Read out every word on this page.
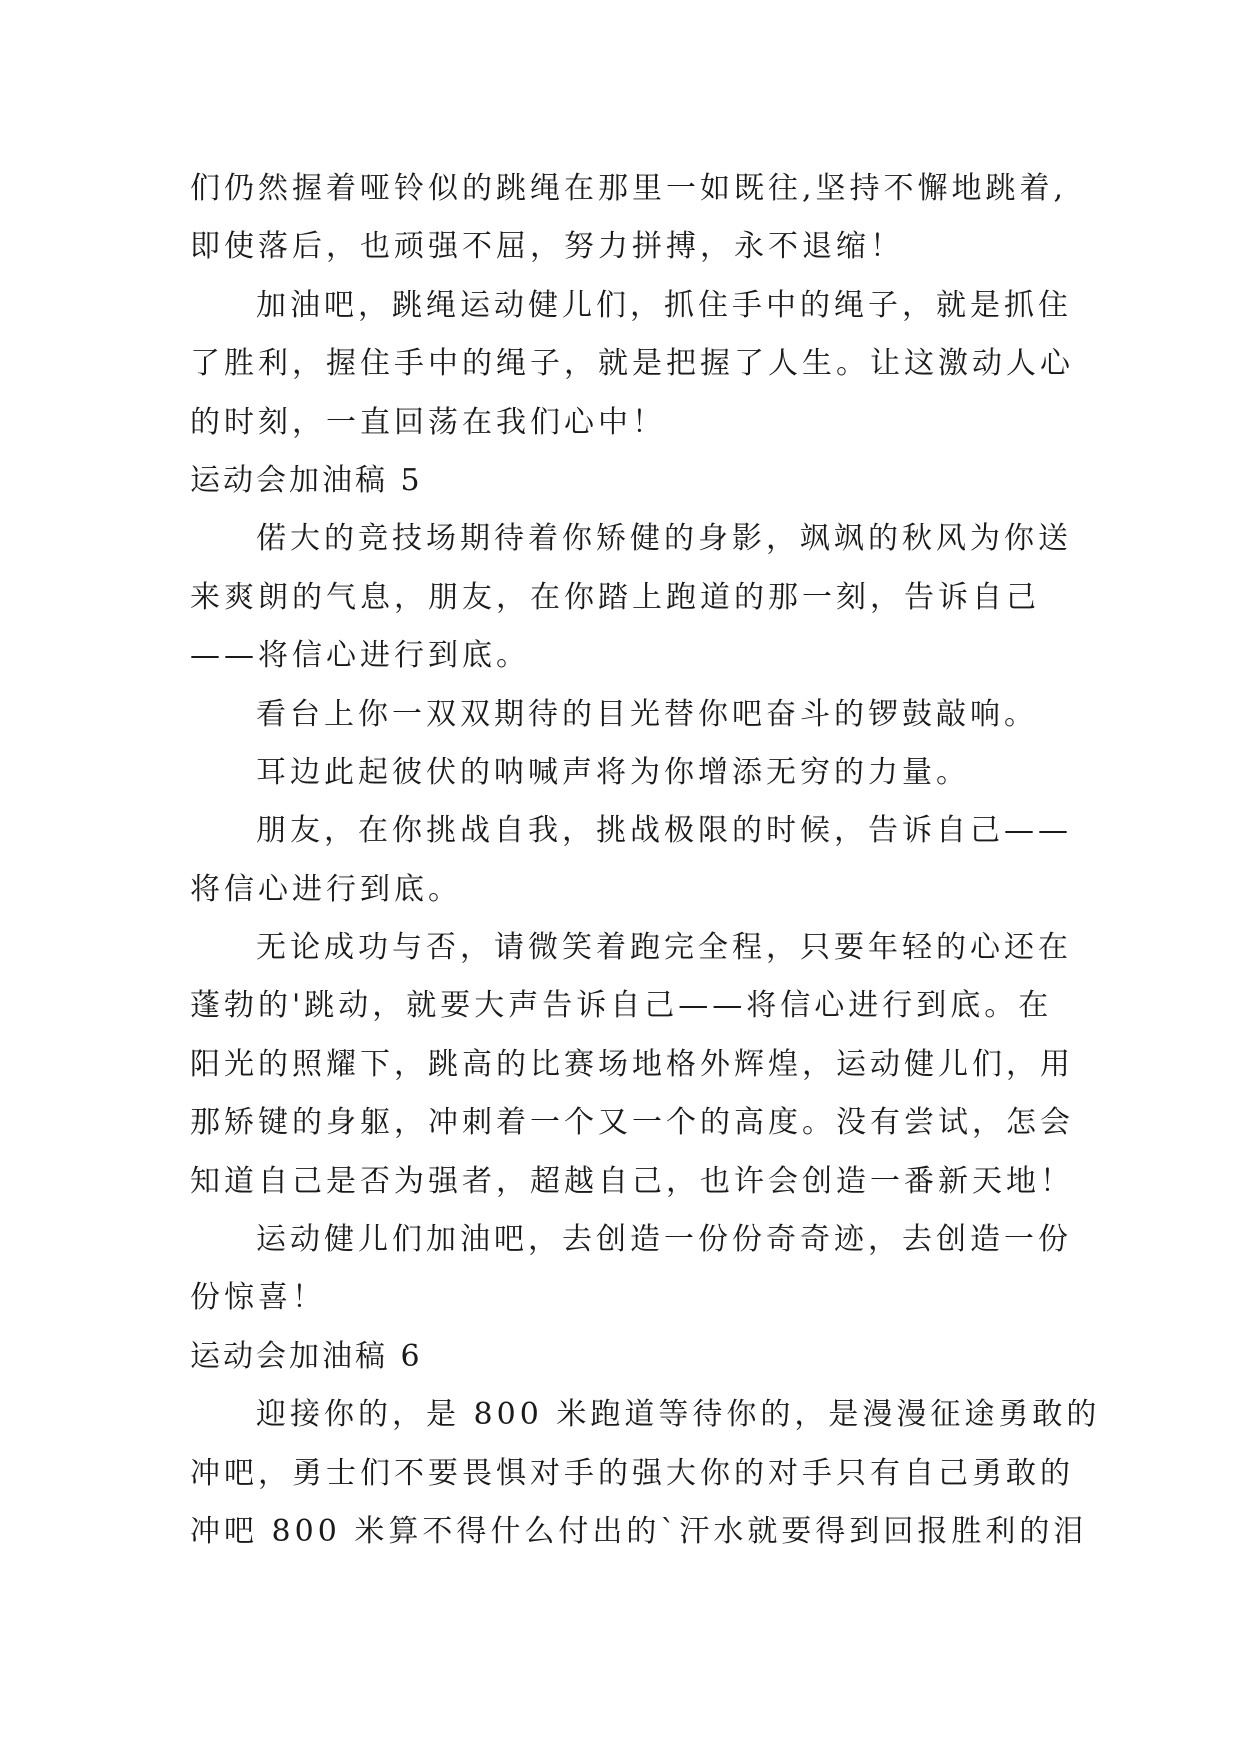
们仍然握着哑铃似的跳绳在那里一如既往,坚持不懈地跳着,
即使落后，也顽强不屈，努力拼搏，永不退缩！
加油吧，跳绳运动健儿们，抓住手中的绳子，就是抓住
了胜利，握住手中的绳子，就是把握了人生。让这激动人心
的时刻，一直回荡在我们心中！
运动会加油稿 5
偌大的竞技场期待着你矫健的身影，飒飒的秋风为你送
来爽朗的气息，朋友，在你踏上跑道的那一刻，告诉自己
——将信心进行到底。
看台上你一双双期待的目光替你吧奋斗的锣鼓敲响。
耳边此起彼伏的呐喊声将为你增添无穷的力量。
朋友，在你挑战自我，挑战极限的时候，告诉自己——
将信心进行到底。
无论成功与否，请微笑着跑完全程，只要年轻的心还在
蓬勃的'跳动，就要大声告诉自己——将信心进行到底。在
阳光的照耀下，跳高的比赛场地格外辉煌，运动健儿们，用
那矫键的身躯，冲刺着一个又一个的高度。没有尝试，怎会
知道自己是否为强者，超越自己，也许会创造一番新天地！
运动健儿们加油吧，去创造一份份奇奇迹，去创造一份
份惊喜！
运动会加油稿 6
迎接你的，是 800 米跑道等待你的，是漫漫征途勇敢的
冲吧，勇士们不要畏惧对手的强大你的对手只有自己勇敢的
冲吧 800 米算不得什么付出的`汗水就要得到回报胜利的泪
